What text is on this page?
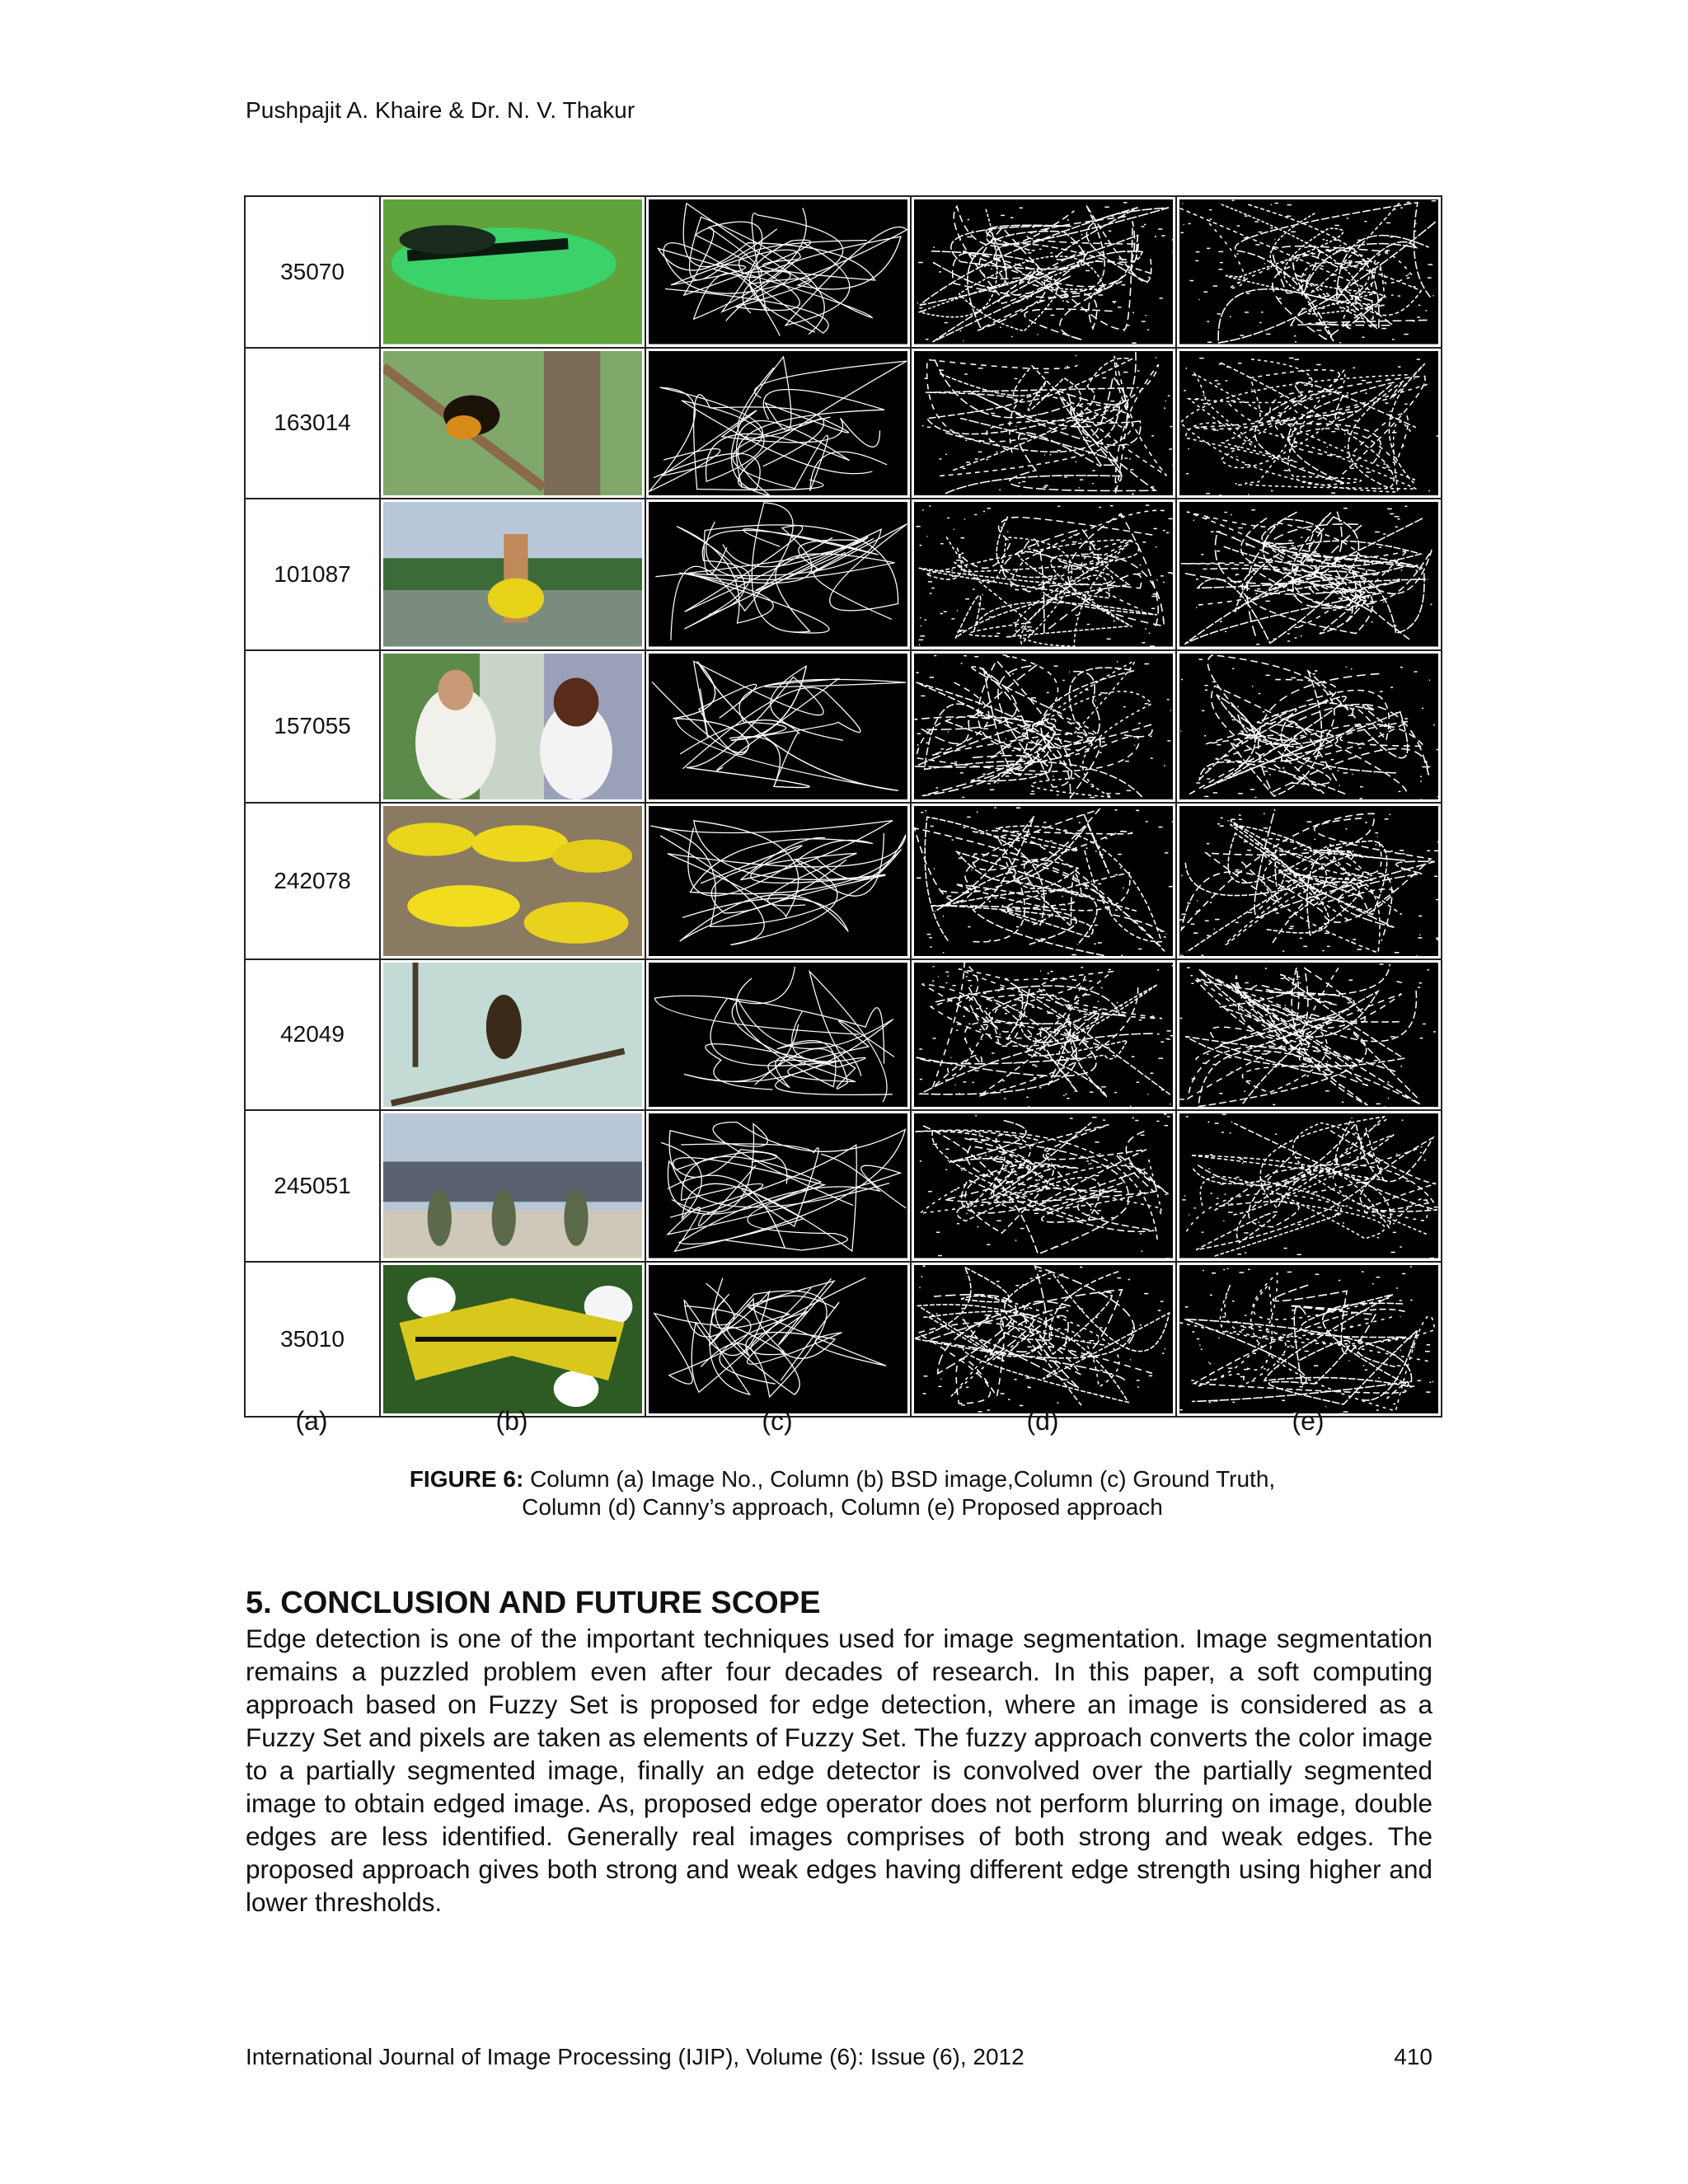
Pushpajit A. Khaire & Dr. N. V. Thakur
35070	

163014	

101087	

157055	

242078	

42049	

245051	

35010	

(a)	(b)	(c)	(d)	(e)
FIGURE 6: Column (a) Image No., Column (b) BSD image,Column (c) Ground Truth,
Column (d) Canny’s approach, Column (e) Proposed approach
5. CONCLUSION AND FUTURE SCOPE
Edge detection is one of the important techniques used for image segmentation. Image segmentation remains a puzzled problem even after four decades of research. In this paper, a soft computing approach based on Fuzzy Set is proposed for edge detection, where an image is considered as a Fuzzy Set and pixels are taken as elements of Fuzzy Set. The fuzzy approach converts the color image to a partially segmented image, finally an edge detector is convolved over the partially segmented image to obtain edged image. As, proposed edge operator does not perform blurring on image, double edges are less identified. Generally real images comprises of both strong and weak edges. The proposed approach gives both strong and weak edges having different edge strength using higher and lower thresholds.
International Journal of Image Processing (IJIP), Volume (6): Issue (6), 2012	410
